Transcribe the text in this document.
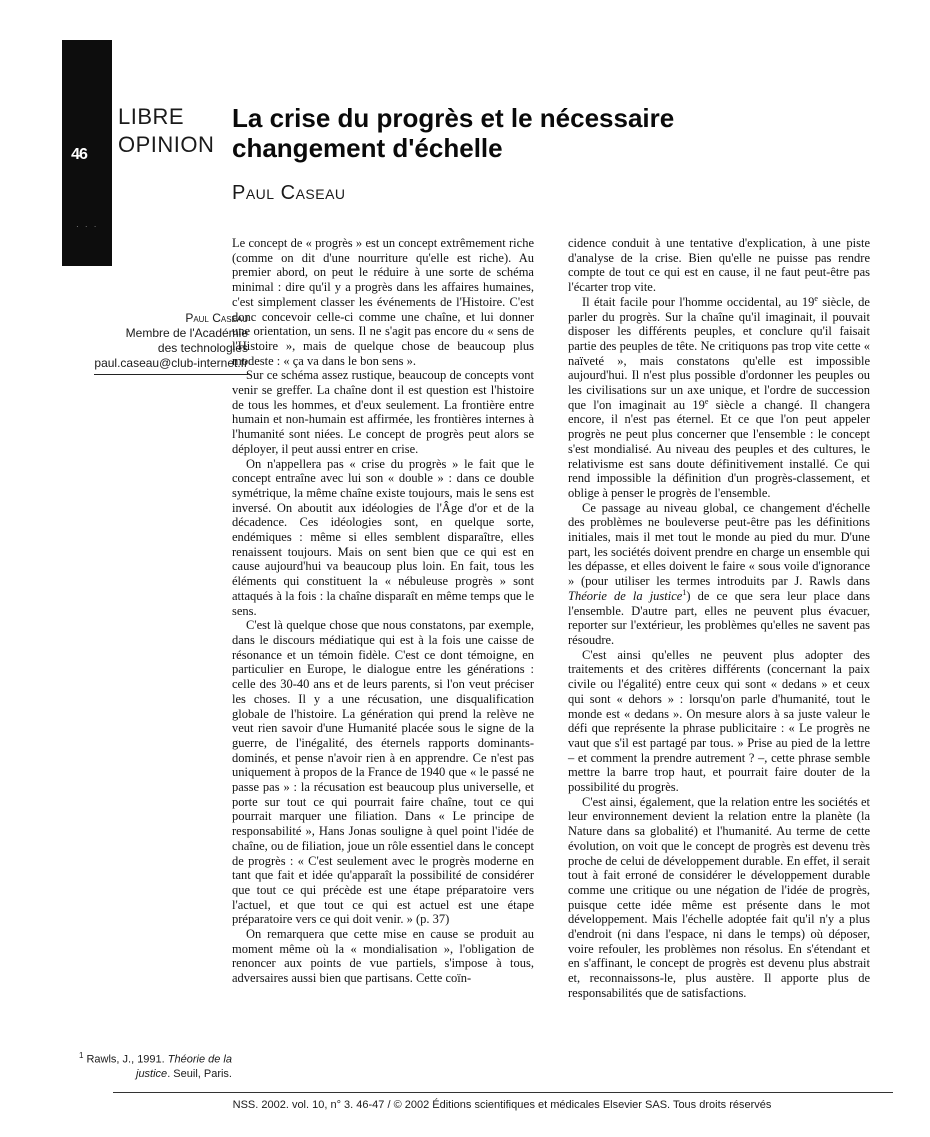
46
· · ·
2 0 0 2
LIBRE
OPINION
La crise du progrès et le nécessaire
changement d'échelle
Paul Caseau
Paul Caseau
Membre de l'Académie
des technologies
paul.caseau@club-internet.fr

Le concept de « progrès » est un concept extrêmement riche (comme on dit d'une nourriture qu'elle est riche). Au premier abord, on peut le réduire à une sorte de schéma minimal : dire qu'il y a progrès dans les affaires humaines, c'est simplement classer les événements de l'Histoire. C'est donc concevoir celle-ci comme une chaîne, et lui donner une orientation, un sens. Il ne s'agit pas encore du « sens de l'Histoire », mais de quelque chose de beaucoup plus modeste : « ça va dans le bon sens ».

Sur ce schéma assez rustique, beaucoup de concepts vont venir se greffer. La chaîne dont il est question est l'histoire de tous les hommes, et d'eux seulement. La frontière entre humain et non-humain est affirmée, les frontières internes à l'humanité sont niées. Le concept de progrès peut alors se déployer, il peut aussi entrer en crise.

On n'appellera pas « crise du progrès » le fait que le concept entraîne avec lui son « double » : dans ce double symétrique, la même chaîne existe toujours, mais le sens est inversé. On aboutit aux idéologies de l'Âge d'or et de la décadence. Ces idéologies sont, en quelque sorte, endémiques : même si elles semblent disparaître, elles renaissent toujours. Mais on sent bien que ce qui est en cause aujourd'hui va beaucoup plus loin. En fait, tous les éléments qui constituent la « nébuleuse progrès » sont attaqués à la fois : la chaîne disparaît en même temps que le sens.

C'est là quelque chose que nous constatons, par exemple, dans le discours médiatique qui est à la fois une caisse de résonance et un témoin fidèle. C'est ce dont témoigne, en particulier en Europe, le dialogue entre les générations : celle des 30-40 ans et de leurs parents, si l'on veut préciser les choses. Il y a une récusation, une disqualification globale de l'histoire. La génération qui prend la relève ne veut rien savoir d'une Humanité placée sous le signe de la guerre, de l'inégalité, des éternels rapports dominants-dominés, et pense n'avoir rien à en apprendre. Ce n'est pas uniquement à propos de la France de 1940 que « le passé ne passe pas » : la récusation est beaucoup plus universelle, et porte sur tout ce qui pourrait faire chaîne, tout ce qui pourrait marquer une filiation. Dans « Le principe de responsabilité », Hans Jonas souligne à quel point l'idée de chaîne, ou de filiation, joue un rôle essentiel dans le concept de progrès : « C'est seulement avec le progrès moderne en tant que fait et idée qu'apparaît la possibilité de considérer que tout ce qui précède est une étape préparatoire vers l'actuel, et que tout ce qui est actuel est une étape préparatoire vers ce qui doit venir. » (p. 37)

On remarquera que cette mise en cause se produit au moment même où la « mondialisation », l'obligation de renoncer aux points de vue partiels, s'impose à tous, adversaires aussi bien que partisans. Cette coïn-

cidence conduit à une tentative d'explication, à une piste d'analyse de la crise. Bien qu'elle ne puisse pas rendre compte de tout ce qui est en cause, il ne faut peut-être pas l'écarter trop vite.

Il était facile pour l'homme occidental, au 19e siècle, de parler du progrès. Sur la chaîne qu'il imaginait, il pouvait disposer les différents peuples, et conclure qu'il faisait partie des peuples de tête. Ne critiquons pas trop vite cette « naïveté », mais constatons qu'elle est impossible aujourd'hui. Il n'est plus possible d'ordonner les peuples ou les civilisations sur un axe unique, et l'ordre de succession que l'on imaginait au 19e siècle a changé. Il changera encore, il n'est pas éternel. Et ce que l'on peut appeler progrès ne peut plus concerner que l'ensemble : le concept s'est mondialisé. Au niveau des peuples et des cultures, le relativisme est sans doute définitivement installé. Ce qui rend impossible la définition d'un progrès-classement, et oblige à penser le progrès de l'ensemble.

Ce passage au niveau global, ce changement d'échelle des problèmes ne bouleverse peut-être pas les définitions initiales, mais il met tout le monde au pied du mur. D'une part, les sociétés doivent prendre en charge un ensemble qui les dépasse, et elles doivent le faire « sous voile d'ignorance » (pour utiliser les termes introduits par J. Rawls dans Théorie de la justice$^1$) de ce que sera leur place dans l'ensemble. D'autre part, elles ne peuvent plus évacuer, reporter sur l'extérieur, les problèmes qu'elles ne savent pas résoudre.

C'est ainsi qu'elles ne peuvent plus adopter des traitements et des critères différents (concernant la paix civile ou l'égalité) entre ceux qui sont « dedans » et ceux qui sont « dehors » : lorsqu'on parle d'humanité, tout le monde est « dedans ». On mesure alors à sa juste valeur le défi que représente la phrase publicitaire : « Le progrès ne vaut que s'il est partagé par tous. » Prise au pied de la lettre – et comment la prendre autrement ? –, cette phrase semble mettre la barre trop haut, et pourrait faire douter de la possibilité du progrès.

C'est ainsi, également, que la relation entre les sociétés et leur environnement devient la relation entre la planète (la Nature dans sa globalité) et l'humanité. Au terme de cette évolution, on voit que le concept de progrès est devenu très proche de celui de développement durable. En effet, il serait tout à fait erroné de considérer le développement durable comme une critique ou une négation de l'idée de progrès, puisque cette idée même est présente dans le mot développement. Mais l'échelle adoptée fait qu'il n'y a plus d'endroit (ni dans l'espace, ni dans le temps) où déposer, voire refouler, les problèmes non résolus. En s'étendant et en s'affinant, le concept de progrès est devenu plus abstrait et, reconnaissons-le, plus austère. Il apporte plus de responsabilités que de satisfactions.

$^1$ Rawls, J., 1991. Théorie de la justice. Seuil, Paris.

NSS. 2002. vol. 10, n° 3. 46-47 / © 2002 Éditions scientifiques et médicales Elsevier SAS. Tous droits réservés
